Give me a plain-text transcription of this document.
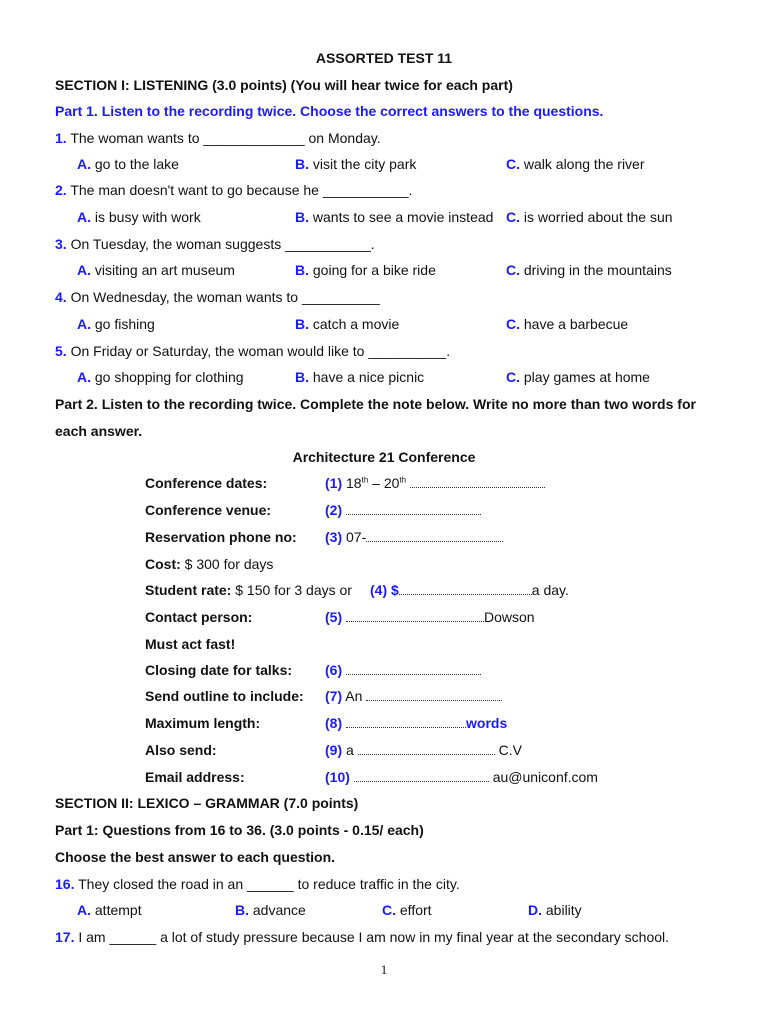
ASSORTED TEST 11
SECTION I: LISTENING (3.0 points) (You will hear twice for each part)
Part 1. Listen to the recording twice. Choose the correct answers to the questions.
1. The woman wants to _____________ on Monday.
A. go to the lake	B. visit the city park	C. walk along the river
2. The man doesn't want to go because he ___________.
A. is busy with work	B. wants to see a movie instead C. is worried about the sun
3. On Tuesday, the woman suggests ___________.
A. visiting an art museum	B. going for a bike ride	C. driving in the mountains
4. On Wednesday, the woman wants to __________
A. go fishing	B. catch a movie	C. have a barbecue
5. On Friday or Saturday, the woman would like to __________.
A. go shopping for clothing	B. have a nice picnic	C. play games at home
Part 2. Listen to the recording twice. Complete the note below. Write no more than two words for
each answer.
Architecture 21 Conference
Conference dates:	(1) 18th – 20th
Conference venue:	(2)
Reservation phone no: (3) 07-
Cost: $ 300 for days
Student rate: $ 150 for 3 days or (4) $	a day.
Contact person:	(5)	Dowson
Must act fast!
Closing date for talks: (6)
Send outline to include: (7) An
Maximum length:	(8)	words
Also send:	(9) a	C.V
Email address:	(10)	au@uniconf.com
SECTION II: LEXICO – GRAMMAR (7.0 points)
Part 1: Questions from 16 to 36. (3.0 points - 0.15/ each)
Choose the best answer to each question.
16. They closed the road in an ______ to reduce traffic in the city.
A. attempt	B. advance	C. effort	D. ability
17. I am ______ a lot of study pressure because I am now in my final year at the secondary school.
1
